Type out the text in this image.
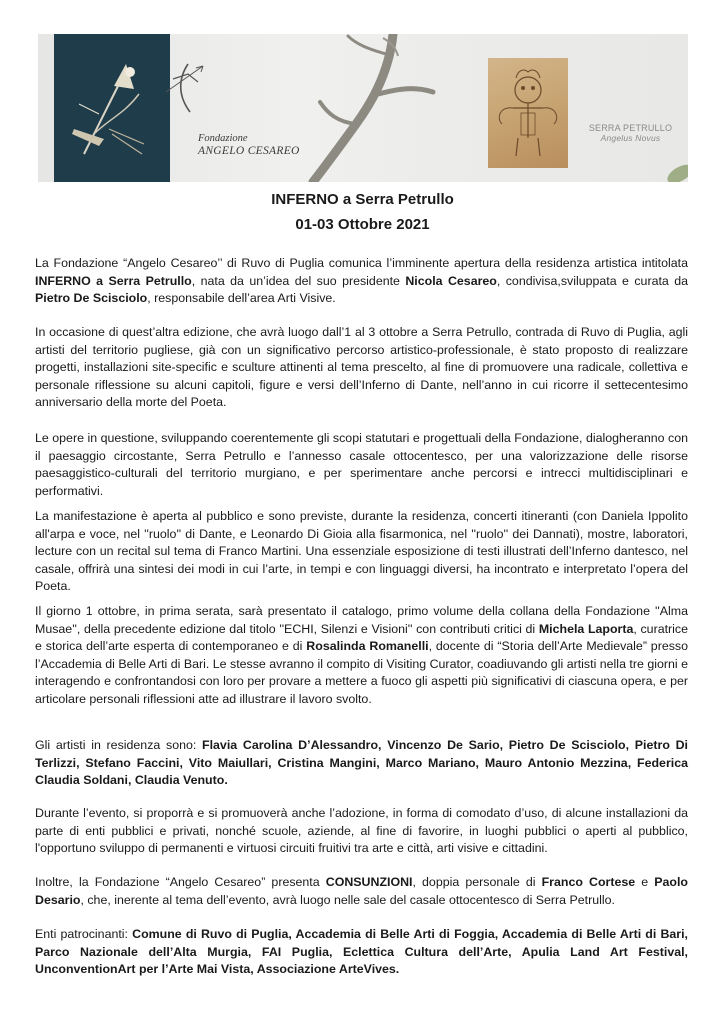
Fondazione
ANGELO CESAREO
SERRA PETRULLO
Angelus Novus
INFERNO a Serra Petrullo
01-03 Ottobre 2021

La Fondazione “Angelo Cesareo’’ di Ruvo di Puglia comunica l’imminente apertura della residenza artistica intitolata INFERNO a Serra Petrullo, nata da un’idea del suo presidente Nicola Cesareo, condivisa,sviluppata e curata da Pietro De Scisciolo, responsabile dell’area Arti Visive.

In occasione di quest’altra edizione, che avrà luogo dall’1 al 3 ottobre a Serra Petrullo, contrada di Ruvo di Puglia, agli artisti del territorio pugliese, già con un significativo percorso artistico-professionale, è stato proposto di realizzare progetti, installazioni site-specific e sculture attinenti al tema prescelto, al fine di promuovere una radicale, collettiva e personale riflessione su alcuni capitoli, figure e versi dell’Inferno di Dante, nell’anno in cui ricorre il settecentesimo anniversario della morte del Poeta.

Le opere in questione, sviluppando coerentemente gli scopi statutari e progettuali della Fondazione, dialogheranno con il paesaggio circostante, Serra Petrullo e l’annesso casale ottocentesco, per una valorizzazione delle risorse paesaggistico-culturali del territorio murgiano, e per sperimentare anche percorsi e intrecci multidisciplinari e performativi.

La manifestazione è aperta al pubblico e sono previste, durante la residenza, concerti itineranti (con Daniela Ippolito all'arpa e voce, nel ''ruolo'' di Dante, e Leonardo Di Gioia alla fisarmonica, nel ''ruolo'' dei Dannati), mostre, laboratori, lecture con un recital sul tema di Franco Martini. Una essenziale esposizione di testi illustrati dell’Inferno dantesco, nel casale, offrirà una sintesi dei modi in cui l’arte, in tempi e con linguaggi diversi, ha incontrato e interpretato l’opera del Poeta.

Il giorno 1 ottobre, in prima serata, sarà presentato il catalogo, primo volume della collana della Fondazione ''Alma Musae'', della precedente edizione dal titolo ''ECHI, Silenzi e Visioni'' con contributi critici di Michela Laporta, curatrice e storica dell’arte esperta di contemporaneo e di Rosalinda Romanelli, docente di “Storia dell’Arte Medievale” presso l’Accademia di Belle Arti di Bari. Le stesse avranno il compito di Visiting Curator, coadiuvando gli artisti nella tre giorni e interagendo e confrontandosi con loro per provare a mettere a fuoco gli aspetti più significativi di ciascuna opera, e per articolare personali riflessioni atte ad illustrare il lavoro svolto.

Gli artisti in residenza sono: Flavia Carolina D’Alessandro, Vincenzo De Sario, Pietro De Scisciolo, Pietro Di Terlizzi, Stefano Faccini, Vito Maiullari, Cristina Mangini, Marco Mariano, Mauro Antonio Mezzina, Federica Claudia Soldani, Claudia Venuto.

Durante l’evento, si proporrà e si promuoverà anche l’adozione, in forma di comodato d’uso, di alcune installazioni da parte di enti pubblici e privati, nonché scuole, aziende, al fine di favorire, in luoghi pubblici o aperti al pubblico, l'opportuno sviluppo di permanenti e virtuosi circuiti fruitivi tra arte e città, arti visive e cittadini.

Inoltre, la Fondazione “Angelo Cesareo” presenta CONSUNZIONI, doppia personale di Franco Cortese e Paolo Desario, che, inerente al tema dell’evento, avrà luogo nelle sale del casale ottocentesco di Serra Petrullo.

Enti patrocinanti: Comune di Ruvo di Puglia, Accademia di Belle Arti di Foggia, Accademia di Belle Arti di Bari, Parco Nazionale dell’Alta Murgia, FAI Puglia, Eclettica Cultura dell’Arte, Apulia Land Art Festival, UnconventionArt per l’Arte Mai Vista, Associazione ArteVives.
